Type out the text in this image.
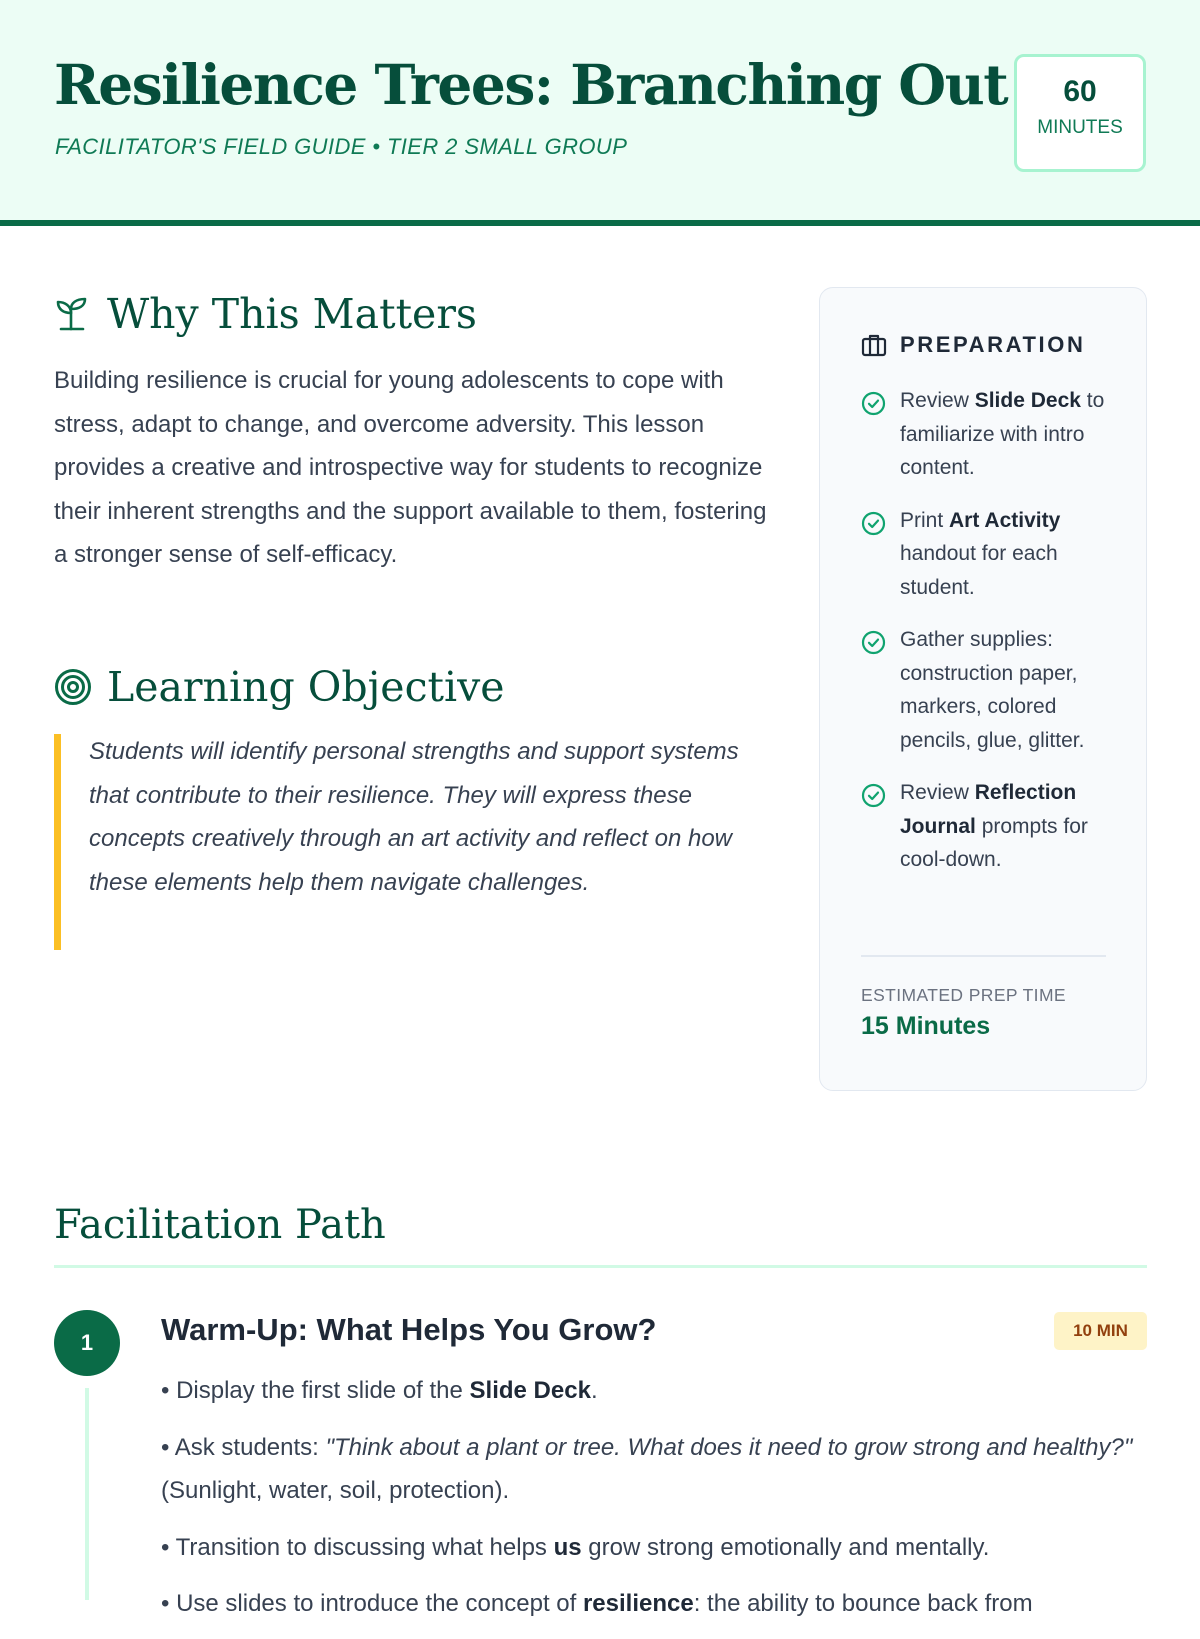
Resilience Trees: Branching Out
FACILITATOR'S FIELD GUIDE • TIER 2 SMALL GROUP
60
MINUTES
Why This Matters

Building resilience is crucial for young adolescents to cope with stress, adapt to change, and overcome adversity. This lesson provides a creative and introspective way for students to recognize their inherent strengths and the support available to them, fostering a stronger sense of self-efficacy.

Learning Objective

Students will identify personal strengths and support systems that contribute to their resilience. They will express these concepts creatively through an art activity and reflect on how these elements help them navigate challenges.

PREPARATION
Review Slide Deck to familiarize with intro content.
Print Art Activity handout for each student.
Gather supplies: construction paper, markers, colored pencils, glue, glitter.
Review Reflection Journal prompts for cool-down.
ESTIMATED PREP TIME
15 Minutes
Facilitation Path
1	Warm-Up: What Helps You Grow?	10 MIN
• Display the first slide of the Slide Deck.
• Ask students: "Think about a plant or tree. What does it need to grow strong and healthy?" (Sunlight, water, soil, protection).
• Transition to discussing what helps us grow strong emotionally and mentally.
• Use slides to introduce the concept of resilience: the ability to bounce back from
